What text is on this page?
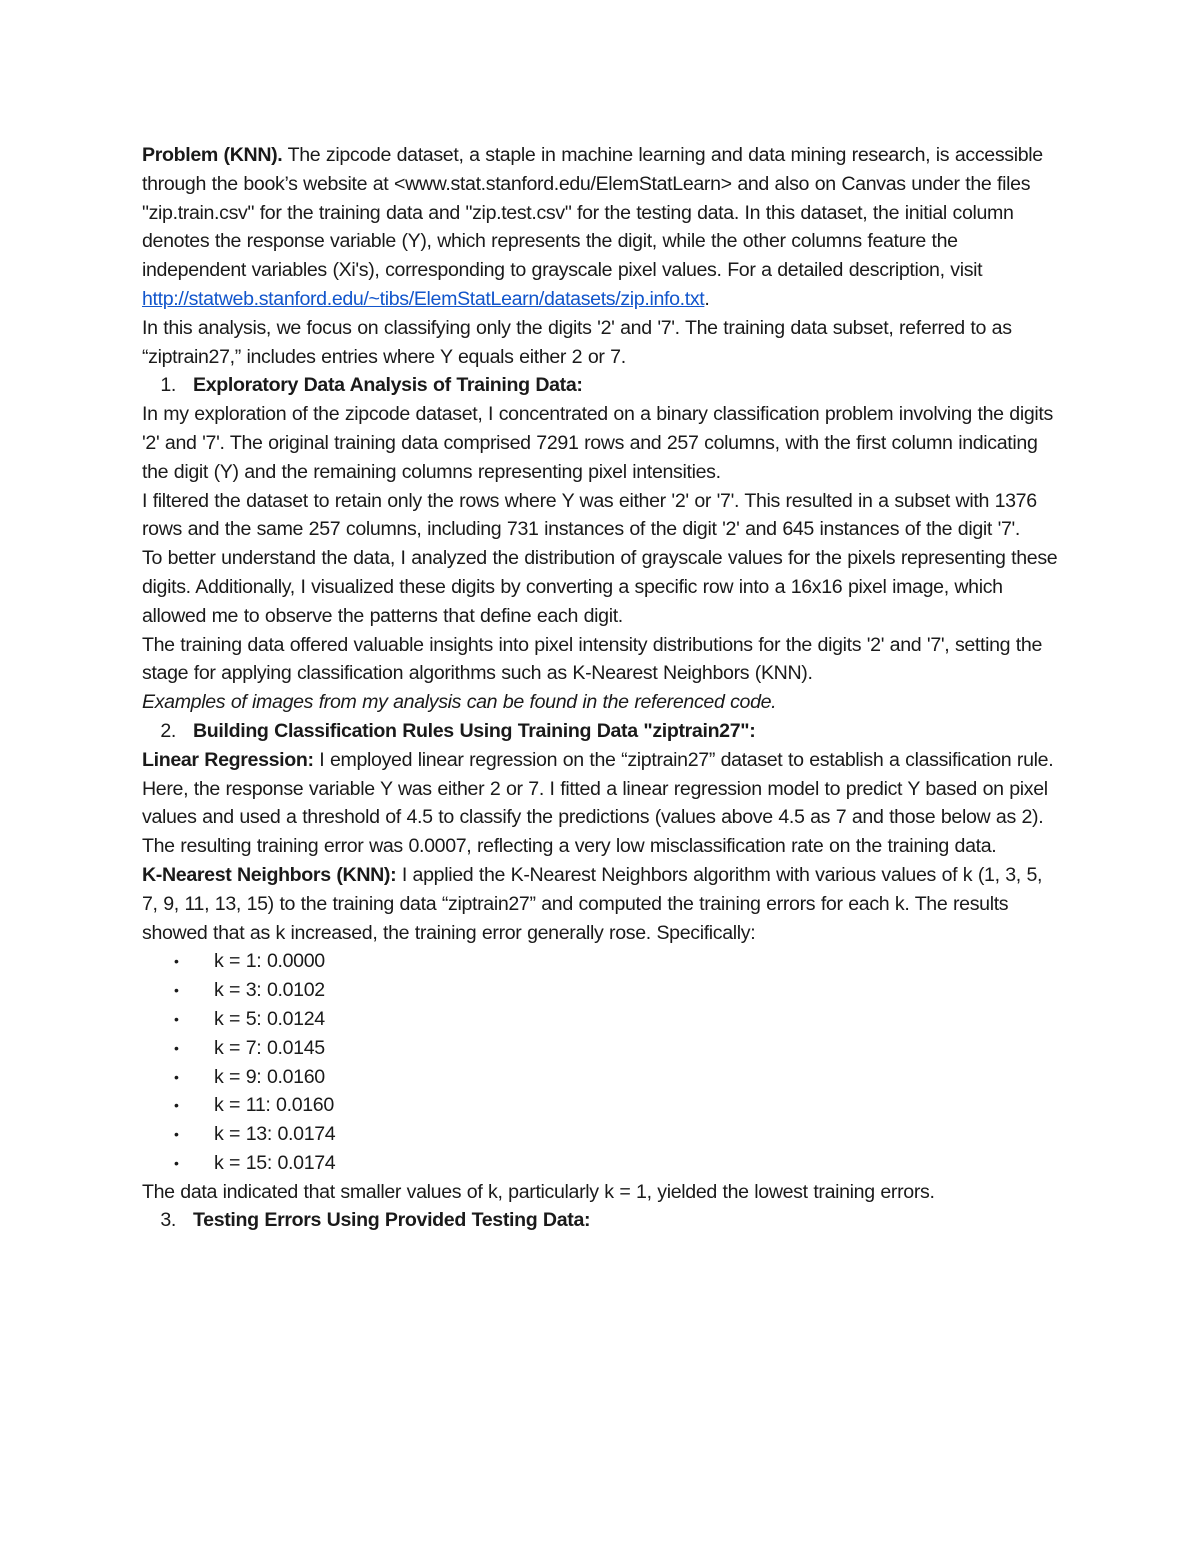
Problem (KNN). The zipcode dataset, a staple in machine learning and data mining research, is accessible through the book’s website at <www.stat.stanford.edu/ElemStatLearn> and also on Canvas under the files "zip.train.csv" for the training data and "zip.test.csv" for the testing data. In this dataset, the initial column denotes the response variable (Y), which represents the digit, while the other columns feature the independent variables (Xi's), corresponding to grayscale pixel values. For a detailed description, visit
http://statweb.stanford.edu/~tibs/ElemStatLearn/datasets/zip.info.txt.

In this analysis, we focus on classifying only the digits '2' and '7'. The training data subset, referred to as “ziptrain27,” includes entries where Y equals either 2 or 7.

1. Exploratory Data Analysis of Training Data:

In my exploration of the zipcode dataset, I concentrated on a binary classification problem involving the digits '2' and '7'. The original training data comprised 7291 rows and 257 columns, with the first column indicating the digit (Y) and the remaining columns representing pixel intensities.

I filtered the dataset to retain only the rows where Y was either '2' or '7'. This resulted in a subset with 1376 rows and the same 257 columns, including 731 instances of the digit '2' and 645 instances of the digit '7'.

To better understand the data, I analyzed the distribution of grayscale values for the pixels representing these digits. Additionally, I visualized these digits by converting a specific row into a 16x16 pixel image, which allowed me to observe the patterns that define each digit.

The training data offered valuable insights into pixel intensity distributions for the digits '2' and '7', setting the stage for applying classification algorithms such as K-Nearest Neighbors (KNN).

Examples of images from my analysis can be found in the referenced code.

2. Building Classification Rules Using Training Data "ziptrain27":

Linear Regression: I employed linear regression on the “ziptrain27” dataset to establish a classification rule. Here, the response variable Y was either 2 or 7. I fitted a linear regression model to predict Y based on pixel values and used a threshold of 4.5 to classify the predictions (values above 4.5 as 7 and those below as 2). The resulting training error was 0.0007, reflecting a very low misclassification rate on the training data.

K-Nearest Neighbors (KNN): I applied the K-Nearest Neighbors algorithm with various values of k (1, 3, 5, 7, 9, 11, 13, 15) to the training data “ziptrain27” and computed the training errors for each k. The results showed that as k increased, the training error generally rose. Specifically:

•	k = 1: 0.0000
•	k = 3: 0.0102
•	k = 5: 0.0124
•	k = 7: 0.0145
•	k = 9: 0.0160
•	k = 11: 0.0160
•	k = 13: 0.0174
•	k = 15: 0.0174

The data indicated that smaller values of k, particularly k = 1, yielded the lowest training errors.

3. Testing Errors Using Provided Testing Data:
